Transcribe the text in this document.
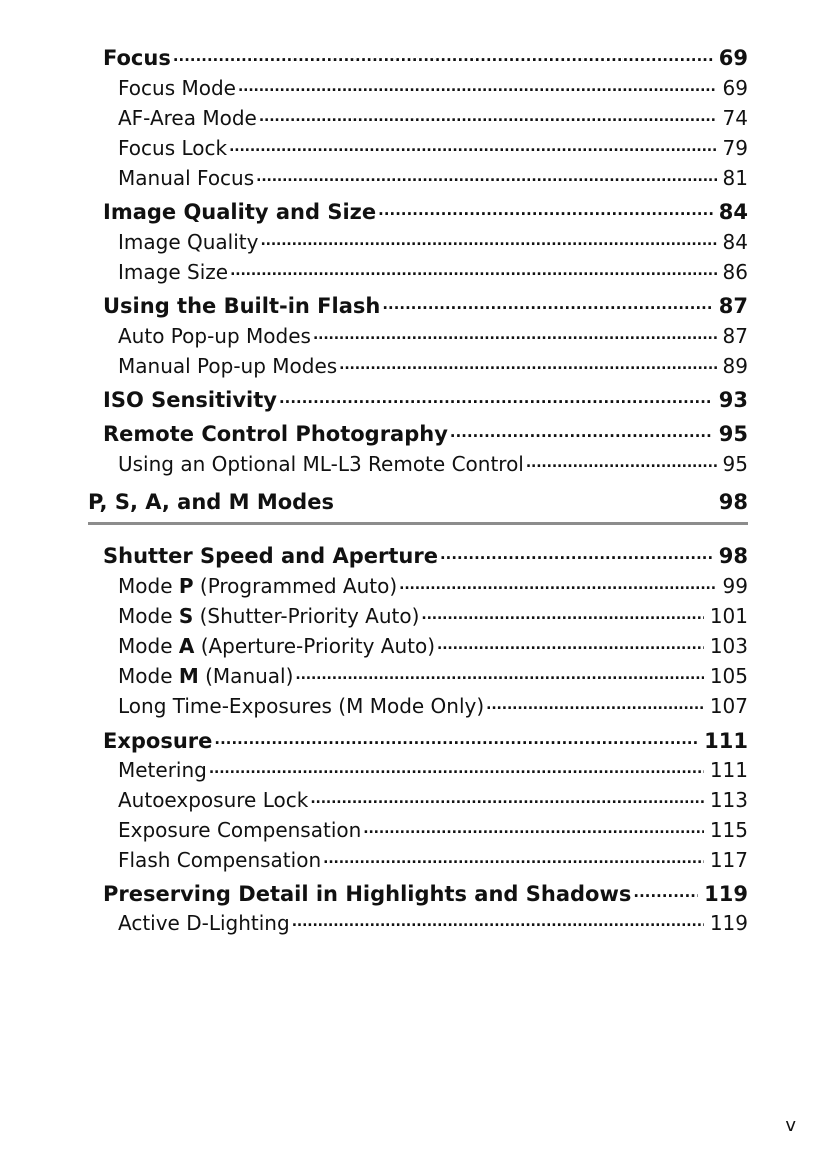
Focus . . .	69
Focus Mode . . .	69
AF-Area Mode . . .	74
Focus Lock . . .	79
Manual Focus . . .	81
Image Quality and Size . . .	84
Image Quality . . .	84
Image Size . . .	86
Using the Built-in Flash . . .	87
Auto Pop-up Modes . . .	87
Manual Pop-up Modes . . .	89
ISO Sensitivity . . .	93
Remote Control Photography . . .	95
Using an Optional ML-L3 Remote Control . . .	95
P, S, A, and M Modes	98
Shutter Speed and Aperture . . .	98
Mode P (Programmed Auto) . . .	99
Mode S (Shutter-Priority Auto) . . .	101
Mode A (Aperture-Priority Auto) . . .	103
Mode M (Manual) . . .	105
Long Time-Exposures (M Mode Only) . . .	107
Exposure . . .	111
Metering . . .	111
Autoexposure Lock . . .	113
Exposure Compensation . . .	115
Flash Compensation . . .	117
Preserving Detail in Highlights and Shadows . . .	119
Active D-Lighting . . .	119
v
